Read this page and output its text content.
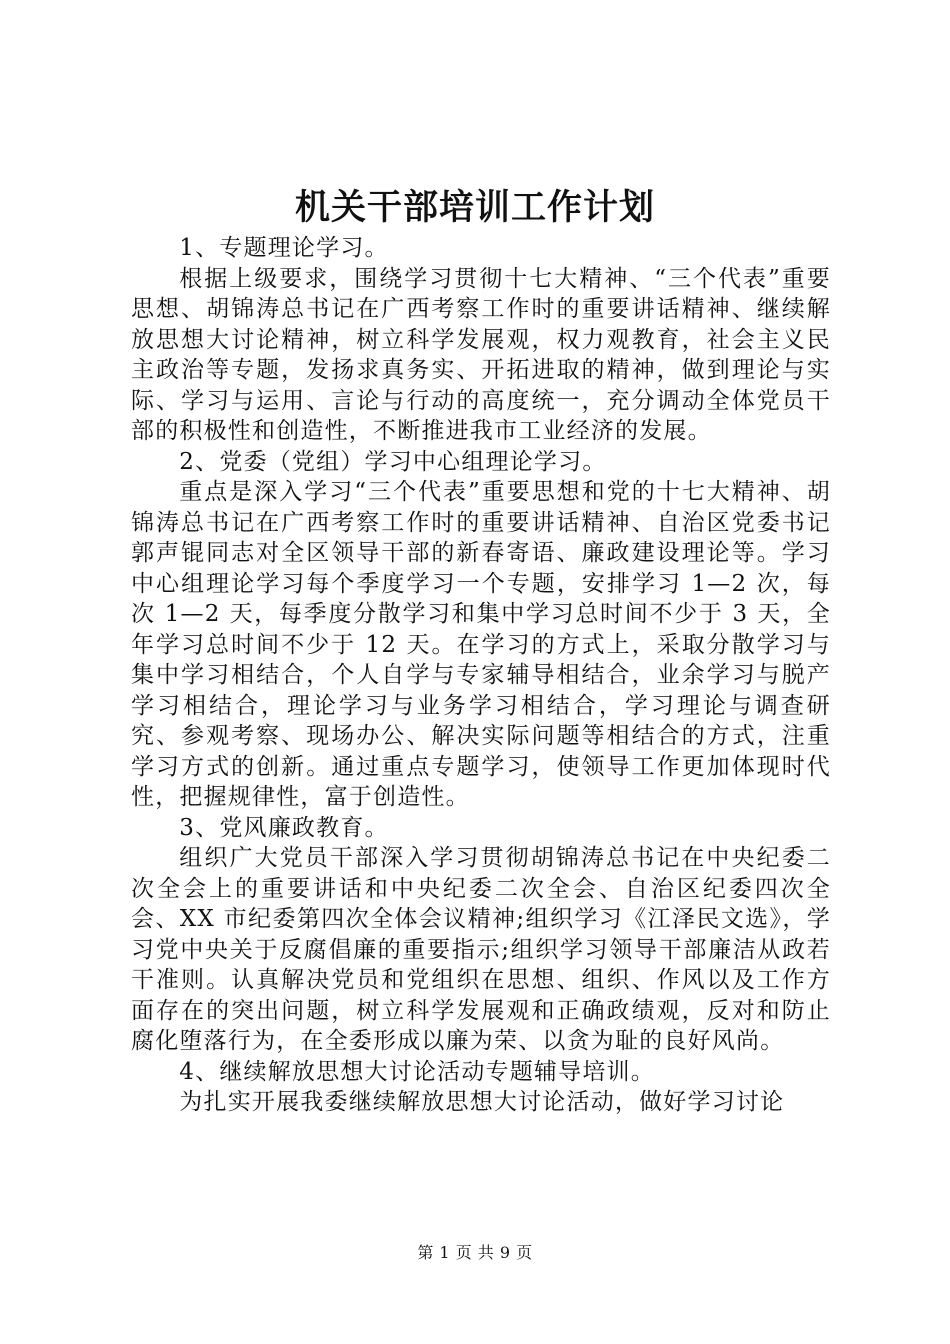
机关干部培训工作计划

1、专题理论学习。

根据上级要求，围绕学习贯彻十七大精神、“三个代表”重要思想、胡锦涛总书记在广西考察工作时的重要讲话精神、继续解放思想大讨论精神，树立科学发展观，权力观教育，社会主义民主政治等专题，发扬求真务实、开拓进取的精神，做到理论与实际、学习与运用、言论与行动的高度统一，充分调动全体党员干部的积极性和创造性，不断推进我市工业经济的发展。

2、党委（党组）学习中心组理论学习。

重点是深入学习“三个代表”重要思想和党的十七大精神、胡锦涛总书记在广西考察工作时的重要讲话精神、自治区党委书记郭声锟同志对全区领导干部的新春寄语、廉政建设理论等。学习中心组理论学习每个季度学习一个专题，安排学习 1—2 次，每次 1—2 天，每季度分散学习和集中学习总时间不少于 3 天，全年学习总时间不少于 12 天。在学习的方式上，采取分散学习与集中学习相结合，个人自学与专家辅导相结合，业余学习与脱产学习相结合，理论学习与业务学习相结合，学习理论与调查研究、参观考察、现场办公、解决实际问题等相结合的方式，注重学习方式的创新。通过重点专题学习，使领导工作更加体现时代性，把握规律性，富于创造性。

3、党风廉政教育。

组织广大党员干部深入学习贯彻胡锦涛总书记在中央纪委二次全会上的重要讲话和中央纪委二次全会、自治区纪委四次全会、XX 市纪委第四次全体会议精神;组织学习《江泽民文选》，学习党中央关于反腐倡廉的重要指示;组织学习领导干部廉洁从政若干准则。认真解决党员和党组织在思想、组织、作风以及工作方面存在的突出问题，树立科学发展观和正确政绩观，反对和防止腐化堕落行为，在全委形成以廉为荣、以贪为耻的良好风尚。

4、继续解放思想大讨论活动专题辅导培训。

为扎实开展我委继续解放思想大讨论活动，做好学习讨论

第 1 页 共 9 页
